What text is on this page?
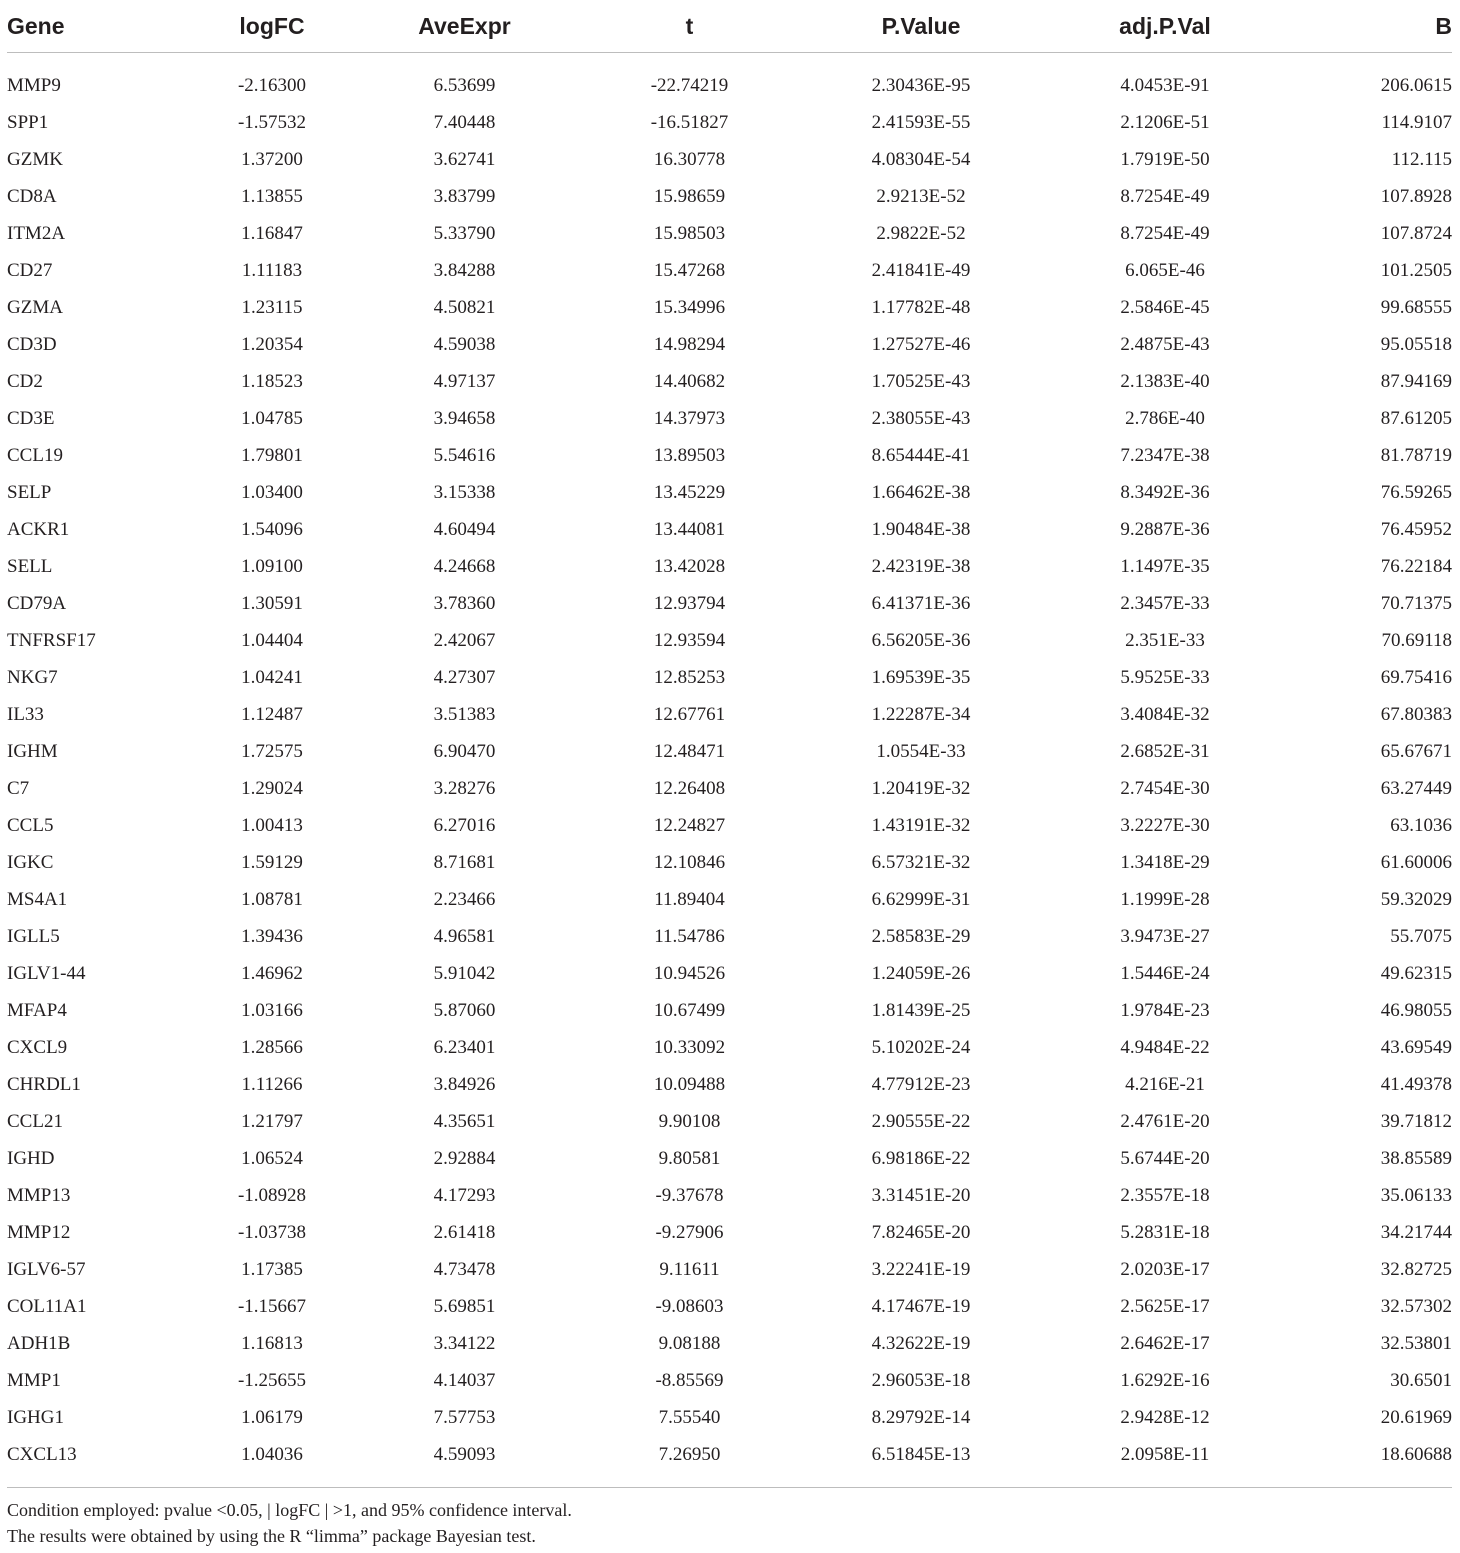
Gene	logFC	AveExpr	t	P.Value	adj.P.Val	B

MMP9	-2.16300	6.53699	-22.74219	2.30436E-95	4.0453E-91	206.0615
SPP1	-1.57532	7.40448	-16.51827	2.41593E-55	2.1206E-51	114.9107
GZMK	1.37200	3.62741	16.30778	4.08304E-54	1.7919E-50	112.115
CD8A	1.13855	3.83799	15.98659	2.9213E-52	8.7254E-49	107.8928
ITM2A	1.16847	5.33790	15.98503	2.9822E-52	8.7254E-49	107.8724
CD27	1.11183	3.84288	15.47268	2.41841E-49	6.065E-46	101.2505
GZMA	1.23115	4.50821	15.34996	1.17782E-48	2.5846E-45	99.68555
CD3D	1.20354	4.59038	14.98294	1.27527E-46	2.4875E-43	95.05518
CD2	1.18523	4.97137	14.40682	1.70525E-43	2.1383E-40	87.94169
CD3E	1.04785	3.94658	14.37973	2.38055E-43	2.786E-40	87.61205
CCL19	1.79801	5.54616	13.89503	8.65444E-41	7.2347E-38	81.78719
SELP	1.03400	3.15338	13.45229	1.66462E-38	8.3492E-36	76.59265
ACKR1	1.54096	4.60494	13.44081	1.90484E-38	9.2887E-36	76.45952
SELL	1.09100	4.24668	13.42028	2.42319E-38	1.1497E-35	76.22184
CD79A	1.30591	3.78360	12.93794	6.41371E-36	2.3457E-33	70.71375
TNFRSF17	1.04404	2.42067	12.93594	6.56205E-36	2.351E-33	70.69118
NKG7	1.04241	4.27307	12.85253	1.69539E-35	5.9525E-33	69.75416
IL33	1.12487	3.51383	12.67761	1.22287E-34	3.4084E-32	67.80383
IGHM	1.72575	6.90470	12.48471	1.0554E-33	2.6852E-31	65.67671
C7	1.29024	3.28276	12.26408	1.20419E-32	2.7454E-30	63.27449
CCL5	1.00413	6.27016	12.24827	1.43191E-32	3.2227E-30	63.1036
IGKC	1.59129	8.71681	12.10846	6.57321E-32	1.3418E-29	61.60006
MS4A1	1.08781	2.23466	11.89404	6.62999E-31	1.1999E-28	59.32029
IGLL5	1.39436	4.96581	11.54786	2.58583E-29	3.9473E-27	55.7075
IGLV1-44	1.46962	5.91042	10.94526	1.24059E-26	1.5446E-24	49.62315
MFAP4	1.03166	5.87060	10.67499	1.81439E-25	1.9784E-23	46.98055
CXCL9	1.28566	6.23401	10.33092	5.10202E-24	4.9484E-22	43.69549
CHRDL1	1.11266	3.84926	10.09488	4.77912E-23	4.216E-21	41.49378
CCL21	1.21797	4.35651	9.90108	2.90555E-22	2.4761E-20	39.71812
IGHD	1.06524	2.92884	9.80581	6.98186E-22	5.6744E-20	38.85589
MMP13	-1.08928	4.17293	-9.37678	3.31451E-20	2.3557E-18	35.06133
MMP12	-1.03738	2.61418	-9.27906	7.82465E-20	5.2831E-18	34.21744
IGLV6-57	1.17385	4.73478	9.11611	3.22241E-19	2.0203E-17	32.82725
COL11A1	-1.15667	5.69851	-9.08603	4.17467E-19	2.5625E-17	32.57302
ADH1B	1.16813	3.34122	9.08188	4.32622E-19	2.6462E-17	32.53801
MMP1	-1.25655	4.14037	-8.85569	2.96053E-18	1.6292E-16	30.6501
IGHG1	1.06179	7.57753	7.55540	8.29792E-14	2.9428E-12	20.61969
CXCL13	1.04036	4.59093	7.26950	6.51845E-13	2.0958E-11	18.60688

Condition employed: pvalue <0.05, | logFC | >1, and 95% confidence interval.

The results were obtained by using the R “limma” package Bayesian test.
